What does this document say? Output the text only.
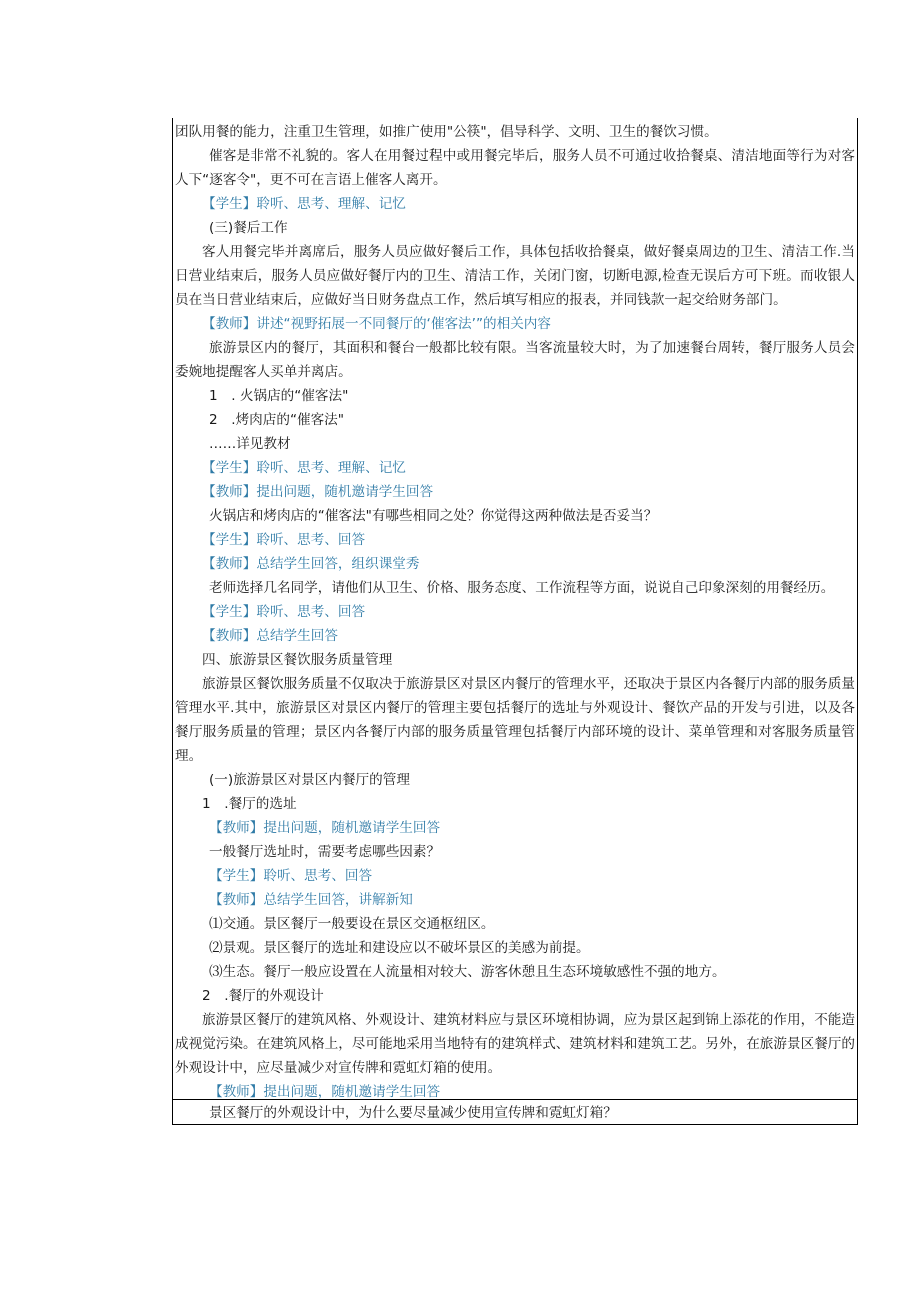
团队用餐的能力，注重卫生管理，如推广使用"公筷"，倡导科学、文明、卫生的餐饮习惯。

催客是非常不礼貌的。客人在用餐过程中或用餐完毕后，服务人员不可通过收拾餐桌、清洁地面等行为对客人下“逐客令"，更不可在言语上催客人离开。

【学生】聆听、思考、理解、记忆

(三)餐后工作

客人用餐完毕并离席后，服务人员应做好餐后工作，具体包括收拾餐桌，做好餐桌周边的卫生、清洁工作.当日营业结束后，服务人员应做好餐厅内的卫生、清洁工作，关闭门窗，切断电源,检查无误后方可下班。而收银人员在当日营业结束后，应做好当日财务盘点工作，然后填写相应的报表，并同钱款一起交给财务部门。

【教师】讲述“视野拓展一不同餐厅的‘催客法’”的相关内容

旅游景区内的餐厅，其面积和餐台一般都比较有限。当客流量较大时，为了加速餐台周转，餐厅服务人员会委婉地提醒客人买单并离店。

1　. 火锅店的“催客法"

2　.烤肉店的“催客法"

……详见教材

【学生】聆听、思考、理解、记忆

【教师】提出问题，随机邀请学生回答

火锅店和烤肉店的“催客法"有哪些相同之处？你觉得这两种做法是否妥当？

【学生】聆听、思考、回答

【教师】总结学生回答，组织课堂秀

老师选择几名同学，请他们从卫生、价格、服务态度、工作流程等方面，说说自己印象深刻的用餐经历。

【学生】聆听、思考、回答

【教师】总结学生回答

四、旅游景区餐饮服务质量管理

旅游景区餐饮服务质量不仅取决于旅游景区对景区内餐厅的管理水平，还取决于景区内各餐厅内部的服务质量管理水平.其中，旅游景区对景区内餐厅的管理主要包括餐厅的选址与外观设计、餐饮产品的开发与引进，以及各餐厅服务质量的管理；景区内各餐厅内部的服务质量管理包括餐厅内部环境的设计、菜单管理和对客服务质量管理。

(一)旅游景区对景区内餐厅的管理

1　.餐厅的选址

【教师】提出问题，随机邀请学生回答

一般餐厅选址时，需要考虑哪些因素？

【学生】聆听、思考、回答

【教师】总结学生回答，讲解新知

⑴交通。景区餐厅一般要设在景区交通枢纽区。

⑵景观。景区餐厅的选址和建设应以不破坏景区的美感为前提。

⑶生态。餐厅一般应设置在人流量相对较大、游客休憩且生态环境敏感性不强的地方。

2　.餐厅的外观设计

旅游景区餐厅的建筑风格、外观设计、建筑材料应与景区环境相协调，应为景区起到锦上添花的作用，不能造成视觉污染。在建筑风格上，尽可能地采用当地特有的建筑样式、建筑材料和建筑工艺。另外，在旅游景区餐厅的外观设计中，应尽量减少对宣传牌和霓虹灯箱的使用。

【教师】提出问题，随机邀请学生回答

景区餐厅的外观设计中，为什么要尽量减少使用宣传牌和霓虹灯箱？
